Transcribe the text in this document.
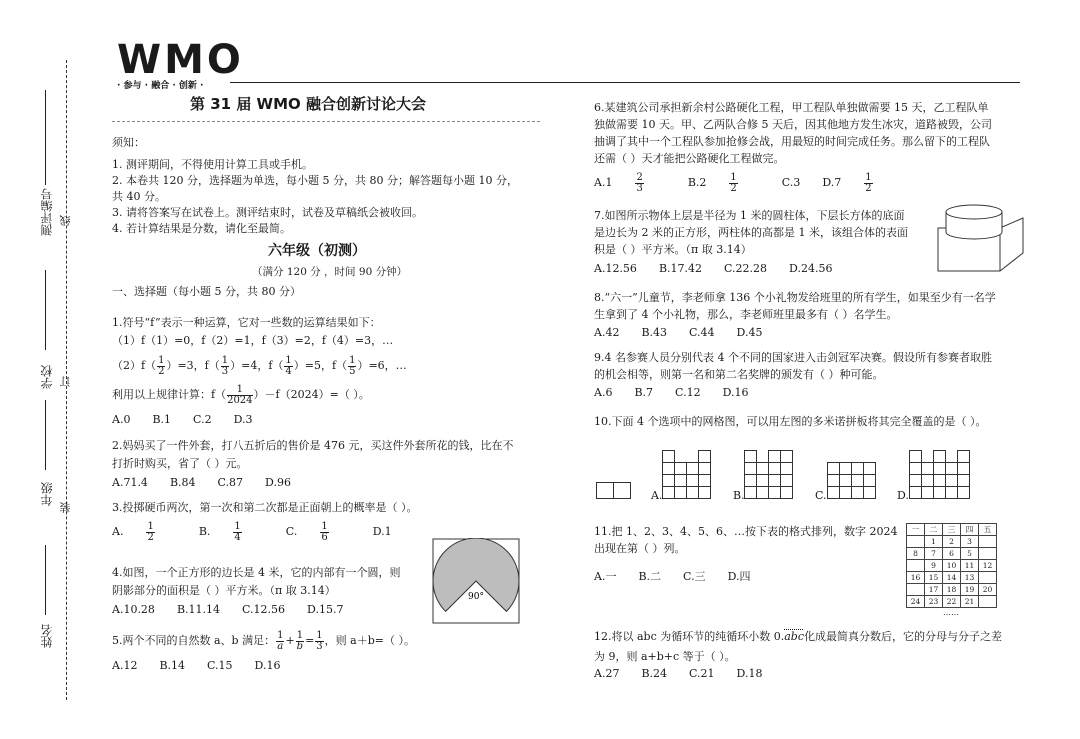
WMO
· 参与 · 融合 · 创新 ·
测评编号 线
学校 订
年级
装
姓名
第 31 届 WMO 融合创新讨论大会
须知：
1. 测评期间，不得使用计算工具或手机。
2. 本卷共 120 分，选择题为单选，每小题 5 分，共 80 分；解答题每小题 10 分，
共 40 分。
3. 请将答案写在试卷上。测评结束时，试卷及草稿纸会被收回。
4. 若计算结果是分数，请化至最简。
六年级（初测）
（满分 120 分 ，时间 90 分钟）
一、选择题（每小题 5 分，共 80 分）
1.符号“f”表示一种运算，它对一些数的运算结果如下：
（1）f（1）=0，f（2）=1，f（3）=2，f（4）=3，…
$(2)f( \frac{1}{2} )=3$，$f( \frac{1}{3} )=4$，$f( \frac{1}{4} )=5$，$f( \frac{1}{5} )=6$，…
利用以上规律计算：$f( \frac{1}{2024} )-f(2024)=$（ ）。
A.0 B.1 C.2 D.3
2.妈妈买了一件外套，打八五折后的售价是 476 元，买这件外套所花的钱，比在不
打折时购买，省了（ ）元。
A.71.4 B.84 C.87 D.96
3.投掷硬币两次，第一次和第二次都是正面朝上的概率是（ ）。
A. $\frac{1}{2}$	B. $\frac{1}{4}$	C. $\frac{1}{6}$	D.1
4.如图，一个正方形的边长是 4 米，它的内部有一个圆，则
阴影部分的面积是（ ）平方米。（π 取 3.14）
A.10.28 B.11.14 C.12.56 D.15.7
90°
5.两个不同的自然数 a、b 满足： $\frac{1}{a} + \frac{1}{b} = \frac{1}{3}$ ，则 a＋b=（ ）。
A.12 B.14 C.15 D.16
6.某建筑公司承担新余村公路硬化工程，甲工程队单独做需要 15 天，乙工程队单
独做需要 10 天。甲、乙两队合修 5 天后，因其他地方发生冰灾，道路被毁，公司
抽调了其中一个工程队参加抢修会战，用最短的时间完成任务。那么留下的工程队
还需（ ）天才能把公路硬化工程做完。
$A.1 \frac{2}{3}$	$B.2 \frac{1}{2}$	C.3 $D.7 \frac{1}{2}$
7.如图所示物体上层是半径为 1 米的圆柱体，下层长方体的底面
是边长为 2 米的正方形，两柱体的高都是 1 米，该组合体的表面
积是（ ）平方米。（π 取 3.14）
A.12.56 B.17.42 C.22.28 D.24.56
8.“六一”儿童节，李老师拿 136 个小礼物发给班里的所有学生，如果至少有一名学
生拿到了 4 个小礼物，那么，李老师班里最多有（ ）名学生。
A.42 B.43 C.44 D.45
9.4 名参赛人员分别代表 4 个不同的国家进入击剑冠军决赛。假设所有参赛者取胜
的机会相等，则第一名和第二名奖牌的颁发有（ ）种可能。
A.6 B.7 C.12 D.16
10.下面 4 个选项中的网格图，可以用左图的多米诺拼板将其完全覆盖的是（ ）。
A.	B.	C.	D.
11.把 1、2、3、4、5、6、…按下表的格式排列，数字 2024
出现在第（ ）列。
A.一 B.二 C.三 D.四
一	二	三	四	五
	1	2	3	
8	7	6	5	
	9	10	11	12
16	15	14	13	
	17	18	19	20
24	23	22	21	
……
12.将以 abc 为循环节的纯循环小数 0.abc化成最简真分数后，它的分母与分子之差
为 9，则 a+b+c 等于（ ）。
A.27 B.24 C.21 D.18
